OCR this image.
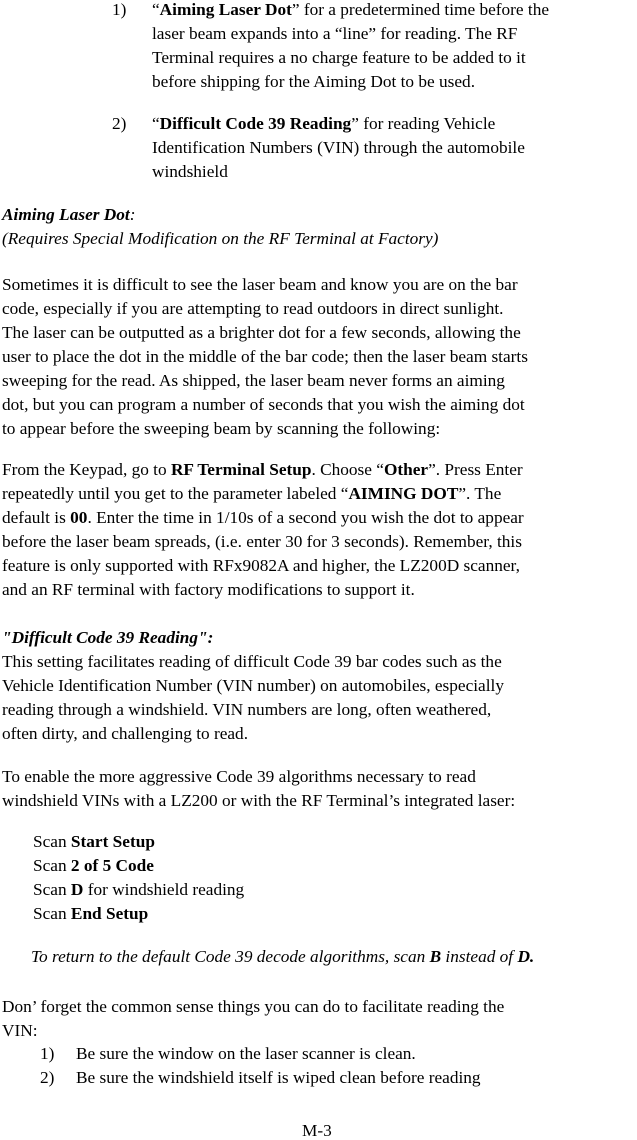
1) “Aiming Laser Dot” for a predetermined time before the
laser beam expands into a “line” for reading. The RF
Terminal requires a no charge feature to be added to it
before shipping for the Aiming Dot to be used.
2) “Difficult Code 39 Reading” for reading Vehicle
Identification Numbers (VIN) through the automobile
windshield
Aiming Laser Dot:
(Requires Special Modification on the RF Terminal at Factory)
Sometimes it is difficult to see the laser beam and know you are on the bar
code, especially if you are attempting to read outdoors in direct sunlight.
The laser can be outputted as a brighter dot for a few seconds, allowing the
user to place the dot in the middle of the bar code; then the laser beam starts
sweeping for the read. As shipped, the laser beam never forms an aiming
dot, but you can program a number of seconds that you wish the aiming dot
to appear before the sweeping beam by scanning the following:
From the Keypad, go to RF Terminal Setup. Choose “Other”. Press Enter
repeatedly until you get to the parameter labeled “AIMING DOT”. The
default is 00. Enter the time in 1/10s of a second you wish the dot to appear
before the laser beam spreads, (i.e. enter 30 for 3 seconds). Remember, this
feature is only supported with RFx9082A and higher, the LZ200D scanner,
and an RF terminal with factory modifications to support it.
"Difficult Code 39 Reading":
This setting facilitates reading of difficult Code 39 bar codes such as the
Vehicle Identification Number (VIN number) on automobiles, especially
reading through a windshield. VIN numbers are long, often weathered,
often dirty, and challenging to read.
To enable the more aggressive Code 39 algorithms necessary to read
windshield VINs with a LZ200 or with the RF Terminal’s integrated laser:
Scan Start Setup
Scan 2 of 5 Code
Scan D for windshield reading
Scan End Setup
To return to the default Code 39 decode algorithms, scan B instead of D.
Don’ forget the common sense things you can do to facilitate reading the
VIN:
1) Be sure the window on the laser scanner is clean.
2) Be sure the windshield itself is wiped clean before reading
M-3
